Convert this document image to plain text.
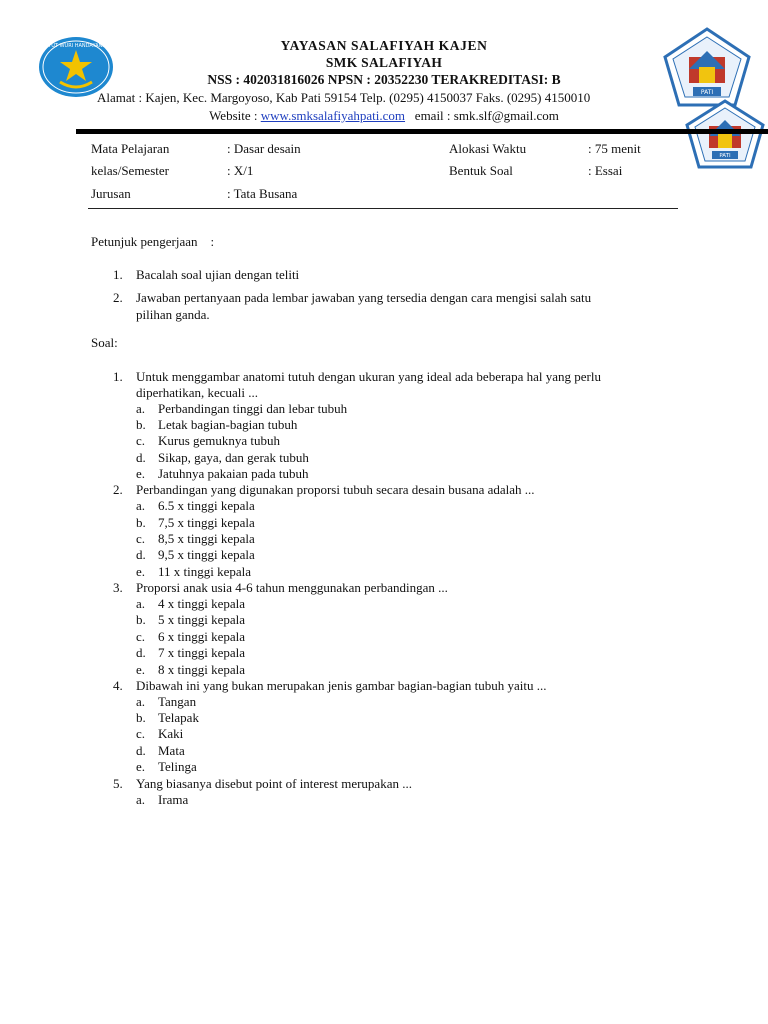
TUT WURI HANDAYANI
PATI
PATI
YAYASAN SALAFIYAH KAJEN
SMK SALAFIYAH
NSS : 402031816026 NPSN : 20352230 TERAKREDITASI: B
Alamat : Kajen, Kec. Margoyoso, Kab Pati 59154 Telp. (0295) 4150037 Faks. (0295) 4150010
Website : www.smksalafiyahpati.com   email : smk.slf@gmail.com
Mata Pelajaran	: Dasar desain	Alokasi Waktu	: 75 menit
kelas/Semester	: X/1	Bentuk Soal	: Essai
Jurusan	: Tata Busana
Petunjuk pengerjaan    :
1. Bacalah soal ujian dengan teliti
2. Jawaban pertanyaan pada lembar jawaban yang tersedia dengan cara mengisi salah satu
pilihan ganda.
Soal:
1. Untuk menggambar anatomi tutuh dengan ukuran yang ideal ada beberapa hal yang perlu
diperhatikan, kecuali ...
a. Perbandingan tinggi dan lebar tubuh
b. Letak bagian-bagian tubuh
c. Kurus gemuknya tubuh
d. Sikap, gaya, dan gerak tubuh
e. Jatuhnya pakaian pada tubuh
2. Perbandingan yang digunakan proporsi tubuh secara desain busana adalah ...
a. 6.5 x tinggi kepala
b. 7,5 x tinggi kepala
c. 8,5 x tinggi kepala
d. 9,5 x tinggi kepala
e. 11 x tinggi kepala
3. Proporsi anak usia 4-6 tahun menggunakan perbandingan ...
a. 4 x tinggi kepala
b. 5 x tinggi kepala
c. 6 x tinggi kepala
d. 7 x tinggi kepala
e. 8 x tinggi kepala
4. Dibawah ini yang bukan merupakan jenis gambar bagian-bagian tubuh yaitu ...
a. Tangan
b. Telapak
c. Kaki
d. Mata
e. Telinga
5. Yang biasanya disebut point of interest merupakan ...
a. Irama
